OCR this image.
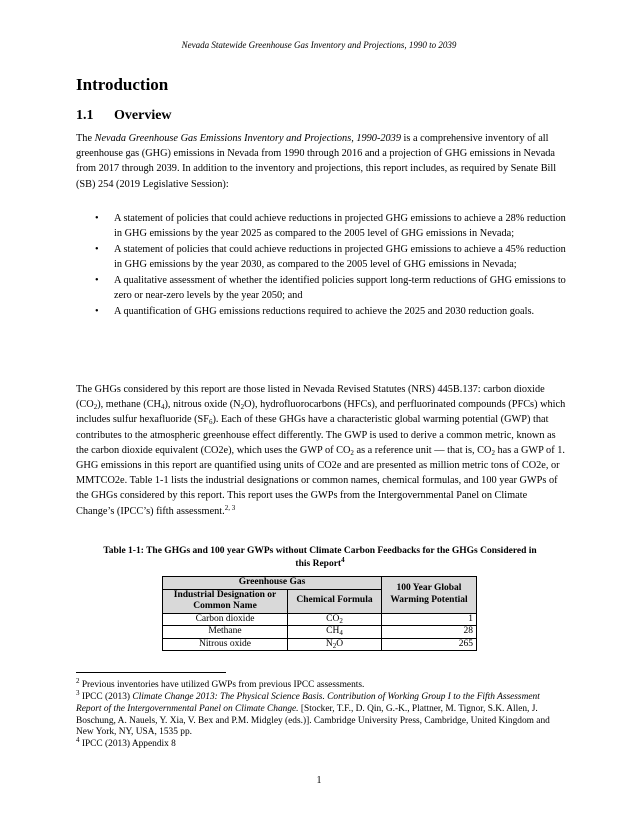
Nevada Statewide Greenhouse Gas Inventory and Projections, 1990 to 2039
Introduction
1.1 Overview

The Nevada Greenhouse Gas Emissions Inventory and Projections, 1990-2039 is a comprehensive inventory of all greenhouse gas (GHG) emissions in Nevada from 1990 through 2016 and a projection of GHG emissions in Nevada from 2017 through 2039. In addition to the inventory and projections, this report includes, as required by Senate Bill (SB) 254 (2019 Legislative Session):

• A statement of policies that could achieve reductions in projected GHG emissions to achieve a 28% reduction in GHG emissions by the year 2025 as compared to the 2005 level of GHG emissions in Nevada;
• A statement of policies that could achieve reductions in projected GHG emissions to achieve a 45% reduction in GHG emissions by the year 2030, as compared to the 2005 level of GHG emissions in Nevada;
• A qualitative assessment of whether the identified policies support long-term reductions of GHG emissions to zero or near-zero levels by the year 2050; and
• A quantification of GHG emissions reductions required to achieve the 2025 and 2030 reduction goals.

The GHGs considered by this report are those listed in Nevada Revised Statutes (NRS) 445B.137: carbon dioxide $(CO_2)$, methane $(CH_4)$, nitrous oxide $(N_2O)$, hydrofluorocarbons (HFCs), and perfluorinated compounds (PFCs) which includes sulfur hexafluoride $(SF_6)$. Each of these GHGs have a characteristic global warming potential (GWP) that contributes to the atmospheric greenhouse effect differently. The GWP is used to derive a common metric, known as the carbon dioxide equivalent (CO2e), which uses the GWP of $CO_2$ as a reference unit — that is, $CO_2$ has a GWP of 1. GHG emissions in this report are quantified using units of CO2e and are presented as million metric tons of CO2e, or MMTCO2e. Table 1-1 lists the industrial designations or common names, chemical formulas, and 100 year GWPs of the GHGs considered by this report. This report uses the GWPs from the Intergovernmental Panel on Climate Change’s (IPCC’s) fifth assessment.$^{2, 3}$

Table 1-1: The GHGs and 100 year GWPs without Climate Carbon Feedbacks for the GHGs Considered in this Report$^4$

Greenhouse Gas		100 Year Global Warming Potential
Industrial Designation or Common Name	Chemical Formula	
Carbon dioxide	$CO_2$	1
Methane	$CH_4$	28
Nitrous oxide	$N_2O$	265

$^2$ Previous inventories have utilized GWPs from previous IPCC assessments.

$^3$ IPCC (2013) Climate Change 2013: The Physical Science Basis. Contribution of Working Group I to the Fifth Assessment Report of the Intergovernmental Panel on Climate Change. [Stocker, T.F., D. Qin, G.-K., Plattner, M. Tignor, S.K. Allen, J. Boschung, A. Nauels, Y. Xia, V. Bex and P.M. Midgley (eds.)]. Cambridge University Press, Cambridge, United Kingdom and New York, NY, USA, 1535 pp.

$^4$ IPCC (2013) Appendix 8

1
